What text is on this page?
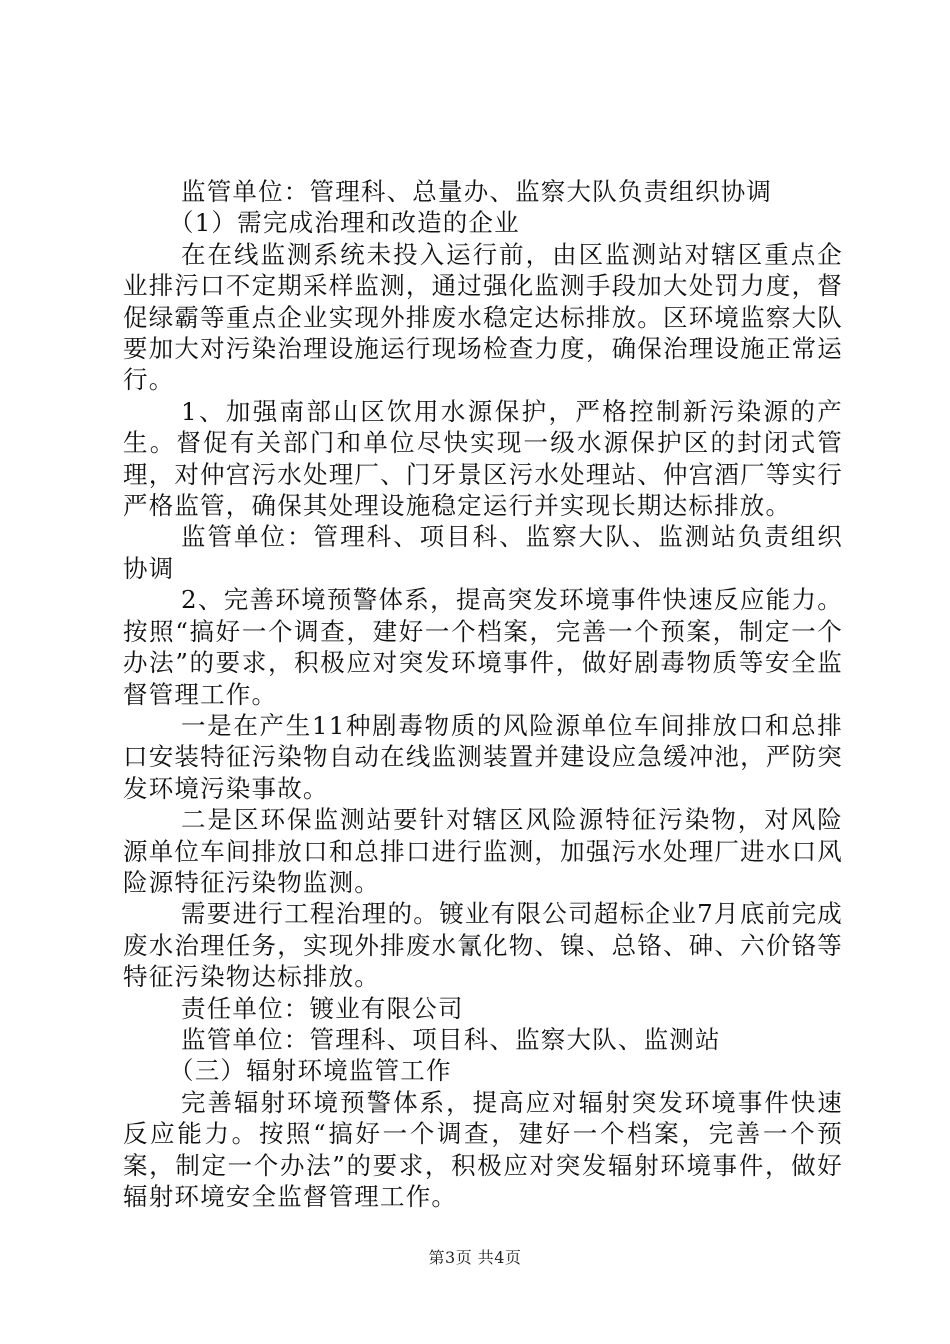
监管单位：管理科、总量办、监察大队负责组织协调

（1）需完成治理和改造的企业

在在线监测系统未投入运行前，由区监测站对辖区重点企业排污口不定期采样监测，通过强化监测手段加大处罚力度，督促绿霸等重点企业实现外排废水稳定达标排放。区环境监察大队要加大对污染治理设施运行现场检查力度，确保治理设施正常运行。

1、加强南部山区饮用水源保护，严格控制新污染源的产生。督促有关部门和单位尽快实现一级水源保护区的封闭式管理，对仲宫污水处理厂、门牙景区污水处理站、仲宫酒厂等实行严格监管，确保其处理设施稳定运行并实现长期达标排放。

监管单位：管理科、项目科、监察大队、监测站负责组织协调

2、完善环境预警体系，提高突发环境事件快速反应能力。按照“搞好一个调查，建好一个档案，完善一个预案，制定一个办法”的要求，积极应对突发环境事件，做好剧毒物质等安全监督管理工作。

一是在产生11种剧毒物质的风险源单位车间排放口和总排口安装特征污染物自动在线监测装置并建设应急缓冲池，严防突发环境污染事故。

二是区环保监测站要针对辖区风险源特征污染物，对风险源单位车间排放口和总排口进行监测，加强污水处理厂进水口风险源特征污染物监测。

需要进行工程治理的。镀业有限公司超标企业7月底前完成废水治理任务，实现外排废水氰化物、镍、总铬、砷、六价铬等特征污染物达标排放。

责任单位：镀业有限公司

监管单位：管理科、项目科、监察大队、监测站

（三）辐射环境监管工作

完善辐射环境预警体系，提高应对辐射突发环境事件快速反应能力。按照“搞好一个调查，建好一个档案，完善一个预案，制定一个办法”的要求，积极应对突发辐射环境事件，做好辐射环境安全监督管理工作。

第3页 共4页
